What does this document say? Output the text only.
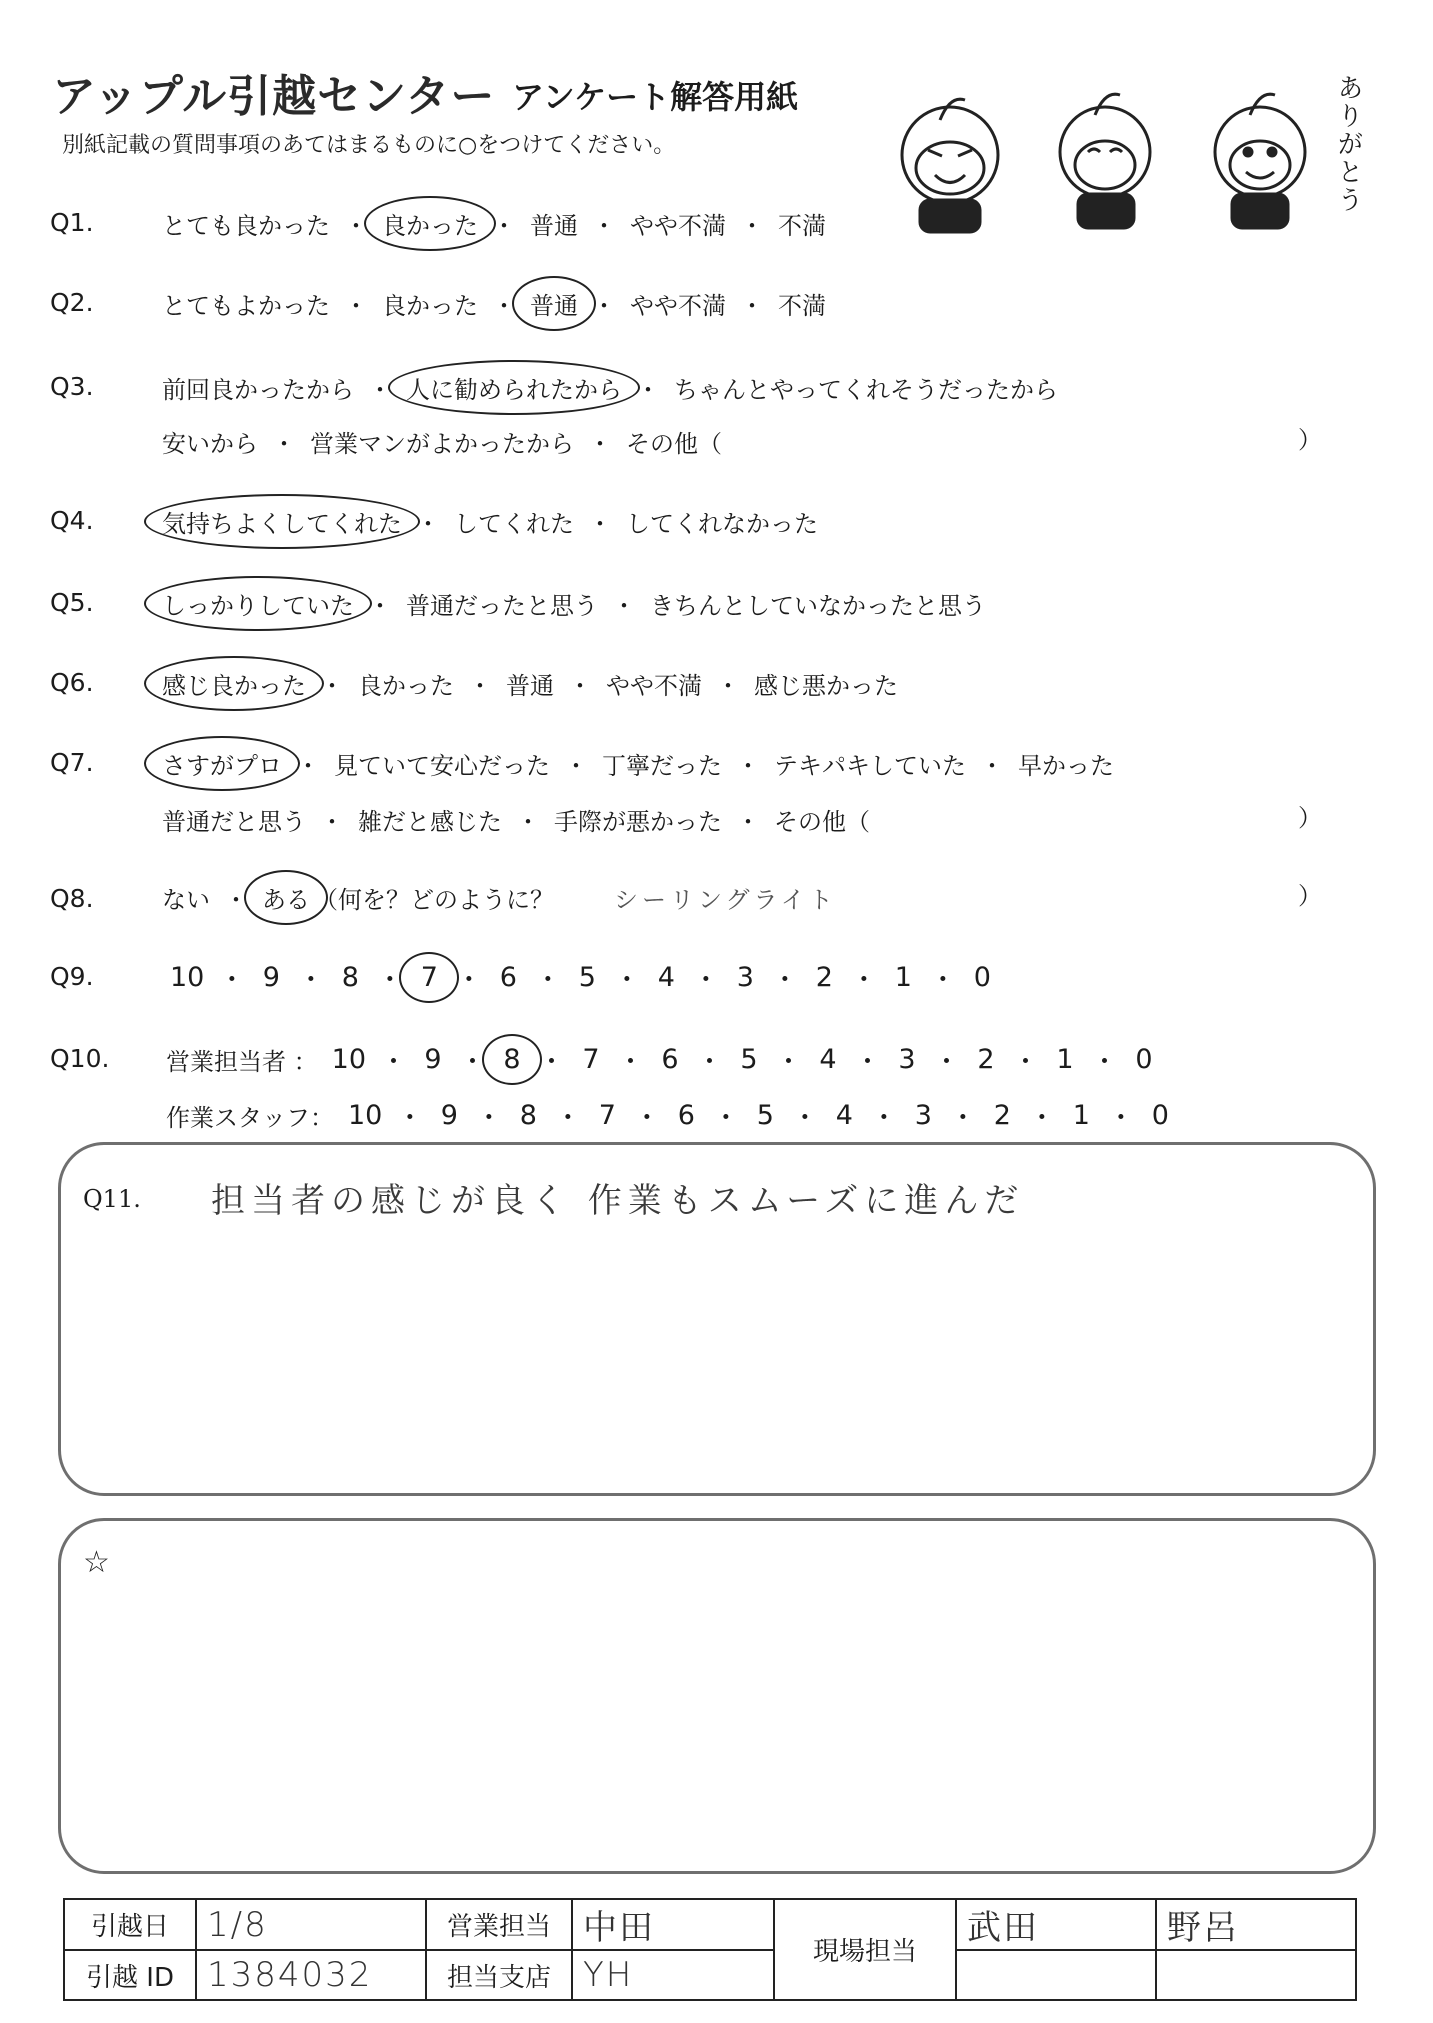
アップル引越センター アンケート解答用紙
別紙記載の質問事項のあてはまるものに○をつけてください。	ありがとう
Q1.	とても良かった ・ 良かった ・ 普通 ・ やや不満 ・ 不満
Q2.	とてもよかった ・ 良かった ・ 普通 ・ やや不満 ・ 不満
Q3.	前回良かったから ・ 人に勧められたから ・ ちゃんとやってくれそうだったから
安いから ・ 営業マンがよかったから ・ その他（	）
Q4.	気持ちよくしてくれた ・ してくれた ・ してくれなかった
Q5.	しっかりしていた ・ 普通だったと思う ・ きちんとしていなかったと思う
Q6.	感じ良かった ・ 良かった ・ 普通 ・ やや不満 ・ 感じ悪かった
Q7.	さすがプロ ・ 見ていて安心だった ・ 丁寧だった ・ テキパキしていた ・ 早かった
普通だと思う ・ 雑だと感じた ・ 手際が悪かった ・ その他（	）
Q8.	ない ・ ある （何を？どのように？	シーリングライト	）
Q9.	10 ・ 9 ・ 8 ・ 7 ・ 6 ・ 5 ・ 4 ・ 3 ・ 2 ・ 1 ・ 0
Q10. 営業担当者 ： 10 ・ 9 ・ 8 ・ 7 ・ 6 ・ 5 ・ 4 ・ 3 ・ 2 ・ 1 ・ 0
作業スタッフ： 10 ・ 9 ・ 8 ・ 7 ・ 6 ・ 5 ・ 4 ・ 3 ・ 2 ・ 1 ・ 0
Q11. 担当者の感じが良く 作業もスムーズに進んだ
☆
引越日	1/8	営業担当	中田	現場担当	武田	野呂
引越 ID	1384032	担当支店	YH			
